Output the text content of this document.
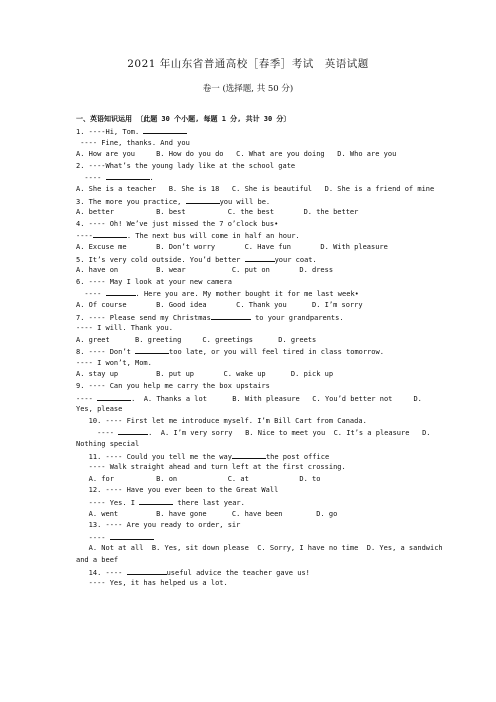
2021 年山东省普通高校［春季］考试　英语试题
卷一 (选择题, 共 50 分)
一、英语知识运用 〔此题 30 个小题, 每题 1 分, 共计 30 分〕
1. ----Hi, Tom.
---- Fine, thanks. And you
A. How are you     B. How do you do   C. What are you doing   D. Who are you
2. ----What’s the young lady like at the school gate
----	.
A. She is a teacher   B. She is 18   C. She is beautiful   D. She is a friend of mine
3. The more you practice,	you will be.
A. better          B. best          C. the best       D. the better
4. ---- Oh! We’ve just missed the 7 o’clock bus•
----	. The next bus will come in half an hour.
A. Excuse me       B. Don’t worry       C. Have fun       D. With pleasure
5. It’s very cold outside. You’d better	your coat.
A. have on         B. wear           C. put on       D. dress
6. ---- May I look at your new camera
----	. Here you are. My mother bought it for me last week•
A. Of course       B. Good idea       C. Thank you      D. I’m sorry
7. ---- Please send my Christmas	to your grandparents.
---- I will. Thank you.
A. greet      B. greeting     C. greetings      D. greets
8. ---- Don’t	too late, or you will feel tired in class tomorrow.
---- I won’t, Mom.
A. stay up         B. put up       C. wake up      D. pick up
9. ---- Can you help me carry the box upstairs
----	.  A. Thanks a lot      B. With pleasure   C. You’d better not     D.
Yes, please
10. ---- First let me introduce myself. I’m Bill Cart from Canada.
----	.  A. I’m very sorry   B. Nice to meet you  C. It’s a pleasure   D.
Nothing special
11. ---- Could you tell me the way	the post office
---- Walk straight ahead and turn left at the first crossing.
A. for          B. on            C. at            D. to
12. ---- Have you ever been to the Great Wall
---- Yes. I	there last year.
A. went         B. have gone      C. have been        D. go
13. ---- Are you ready to order, sir
----
A. Not at all  B. Yes, sit down please  C. Sorry, I have no time  D. Yes, a sandwich
and a beef
14. ----	useful advice the teacher gave us!
---- Yes, it has helped us a lot.
